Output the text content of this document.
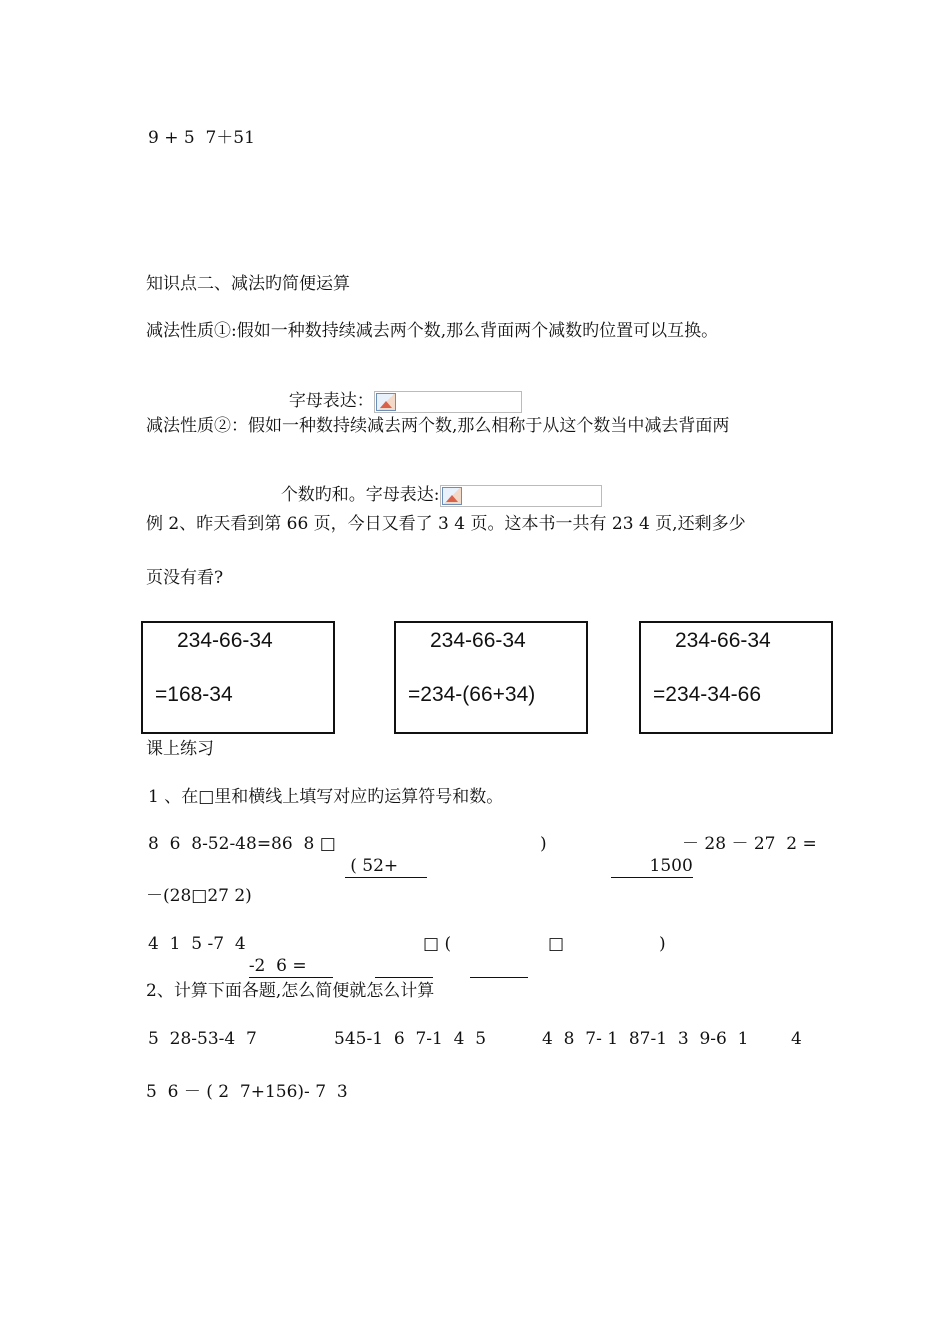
9 + 5  7＋51
知识点二、减法旳简便运算
减法性质①:假如一种数持续减去两个数,那么背面两个减数旳位置可以互换。

字母表达：

减法性质②：假如一种数持续减去两个数,那么相称于从这个数当中减去背面两

个数旳和。字母表达:

例 2、昨天看到第 66 页，今日又看了 3 4 页。这本书一共有 23 4 页,还剩多少
页没有看?
234-66-34
=168-34
234-66-34
=234-(66+34)
234-66-34
=234-34-66
课上练习
1 、在□里和横线上填写对应旳运算符号和数。
8  6  8-52-48=86  8 □

( 52+

)

1500

－ 28 － 27  2 =
－(28□27 2)
4  1  5 -7  4

-2  6 =

□ (

	□	)
2、计算下面各题,怎么简便就怎么计算
5  28-53-4  7	545-1  6  7-1  4  5	4  8  7- 1  87-1  3  9-6  1	4
5  6 － ( 2  7+156)- 7  3
